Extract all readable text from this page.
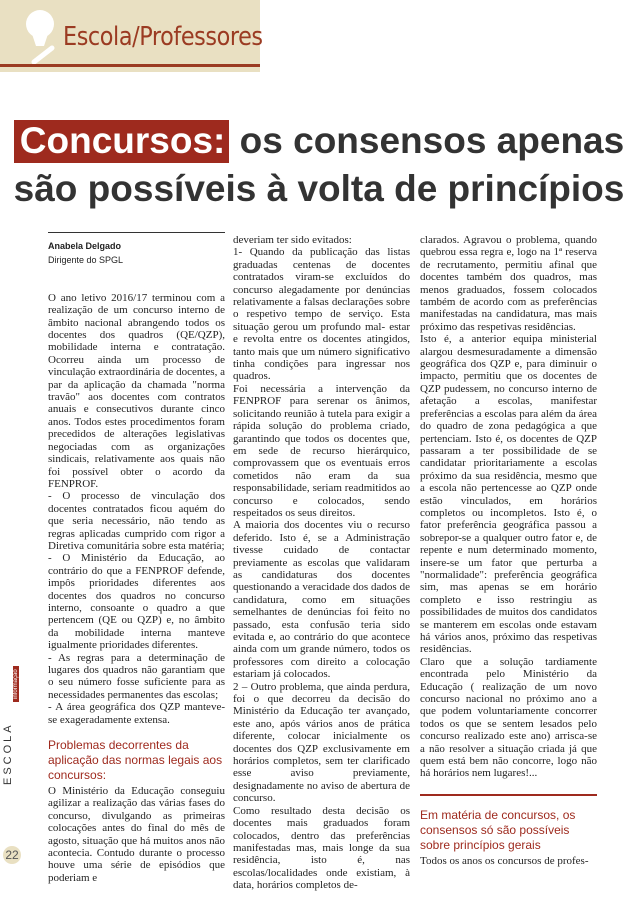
Escola/Professores
Concursos: os consensos apenas
são possíveis à volta de princípios
informação
ESCOLA
22

Anabela Delgado

Dirigente do SPGL

O ano letivo 2016/17 terminou com a realização de um concurso interno de âmbito nacional abrangendo todos os docentes dos quadros (QE/QZP), mobilidade interna e contratação. Ocorreu ainda um processo de vinculação extraordinária de docentes, a par da aplicação da chamada "norma travão" aos docentes com contratos anuais e consecutivos durante cinco anos. Todos estes procedimentos foram precedidos de alterações legislativas negociadas com as organizações sindicais, relativamente aos quais não foi possível obter o acordo da FENPROF.

- O processo de vinculação dos docentes contratados ficou aquém do que seria necessário, não tendo as regras aplicadas cumprido com rigor a Diretiva comunitária sobre esta matéria;

- O Ministério da Educação, ao contrário do que a FENPROF defende, impôs prioridades diferentes aos docentes dos quadros no concurso interno, consoante o quadro a que pertencem (QE ou QZP) e, no âmbito da mobilidade interna manteve igualmente prioridades diferentes.

- As regras para a determinação de lugares dos quadros não garantiam que o seu número fosse suficiente para as necessidades permanentes das escolas;

- A área geográfica dos QZP manteve-se exageradamente extensa.

Problemas decorrentes da aplicação das normas legais aos concursos:

O Ministério da Educação conseguiu agilizar a realização das várias fases do concurso, divulgando as primeiras colocações antes do final do mês de agosto, situação que há muitos anos não acontecia. Contudo durante o processo houve uma série de episódios que poderiam e

deveriam ter sido evitados:

1- Quando da publicação das listas graduadas centenas de docentes contratados viram-se excluídos do concurso alegadamente por denúncias relativamente a falsas declarações sobre o respetivo tempo de serviço. Esta situação gerou um profundo mal- estar e revolta entre os docentes atingidos, tanto mais que um número significativo tinha condições para ingressar nos quadros.

Foi necessária a intervenção da FENPROF para serenar os ânimos, solicitando reunião à tutela para exigir a rápida solução do problema criado, garantindo que todos os docentes que, em sede de recurso hierárquico, comprovassem que os eventuais erros cometidos não eram da sua responsabilidade, seriam readmitidos ao concurso e colocados, sendo respeitados os seus direitos.

A maioria dos docentes viu o recurso deferido. Isto é, se a Administração tivesse cuidado de contactar previamente as escolas que validaram as candidaturas dos docentes questionando a veracidade dos dados de candidatura, como em situações semelhantes de denúncias foi feito no passado, esta confusão teria sido evitada e, ao contrário do que acontece ainda com um grande número, todos os professores com direito a colocação estariam já colocados.

2 – Outro problema, que ainda perdura, foi o que decorreu da decisão do Ministério da Educação ter avançado, este ano, após vários anos de prática diferente, colocar inicialmente os docentes dos QZP exclusivamente em horários completos, sem ter clarificado esse aviso previamente, designadamente no aviso de abertura de concurso.

Como resultado desta decisão os docentes mais graduados foram colocados, dentro das preferências manifestadas mas, mais longe da sua residência, isto é, nas escolas/localidades onde existiam, à data, horários completos de-

clarados. Agravou o problema, quando quebrou essa regra e, logo na 1ª reserva de recrutamento, permitiu afinal que docentes também dos quadros, mas menos graduados, fossem colocados também de acordo com as preferências manifestadas na candidatura, mas mais próximo das respetivas residências.

Isto é, a anterior equipa ministerial alargou desmesuradamente a dimensão geográfica dos QZP e, para diminuir o impacto, permitiu que os docentes de QZP pudessem, no concurso interno de afetação a escolas, manifestar preferências a escolas para além da área do quadro de zona pedagógica a que pertenciam. Isto é, os docentes de QZP passaram a ter possibilidade de se candidatar prioritariamente a escolas próximo da sua residência, mesmo que a escola não pertencesse ao QZP onde estão vinculados, em horários completos ou incompletos. Isto é, o fator preferência geográfica passou a sobrepor-se a qualquer outro fator e, de repente e num determinado momento, insere-se um fator que perturba a "normalidade": preferência geográfica sim, mas apenas se em horário completo e isso restringiu as possibilidades de muitos dos candidatos se manterem em escolas onde estavam há vários anos, próximo das respetivas residências.

Claro que a solução tardiamente encontrada pelo Ministério da Educação ( realização de um novo concurso nacional no próximo ano a que podem voluntariamente concorrer todos os que se sentem lesados pelo concurso realizado este ano) arrisca-se a não resolver a situação criada já que quem está bem não concorre, logo não há horários nem lugares!...

Em matéria de concursos, os consensos só são possíveis sobre princípios gerais

Todos os anos os concursos de profes-
